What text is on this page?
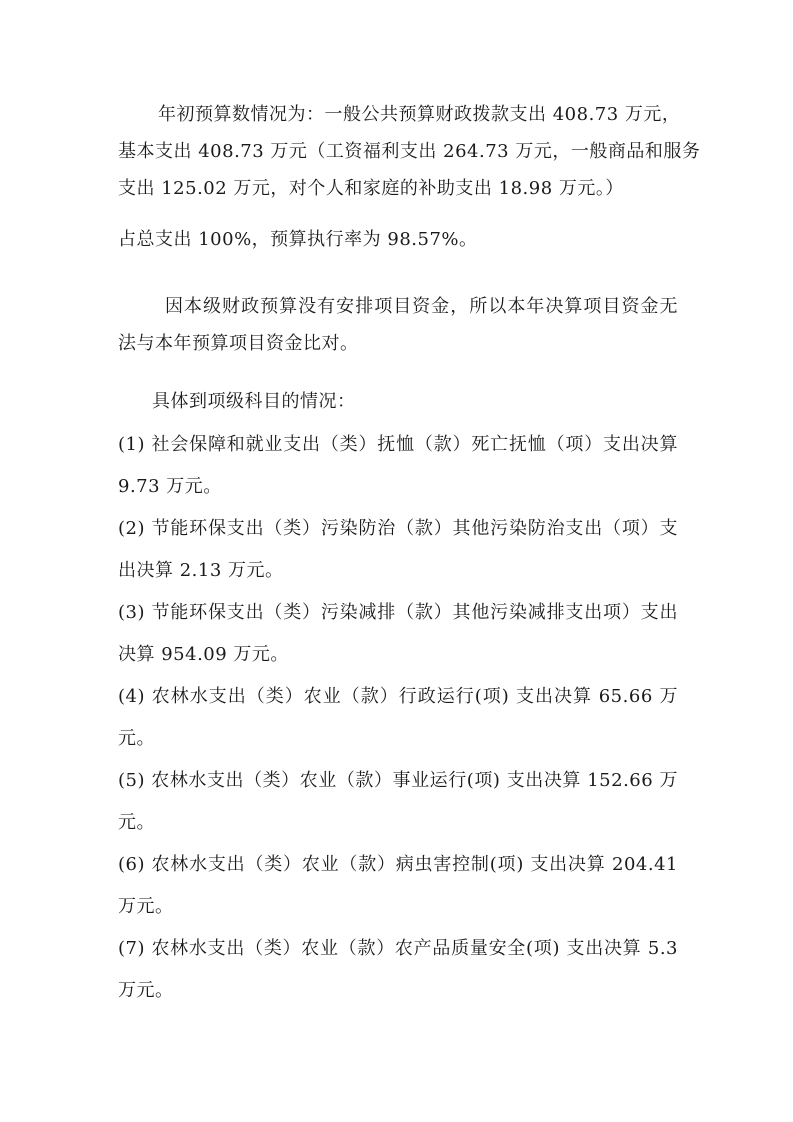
年初预算数情况为：一般公共预算财政拨款支出 408.73 万元，
基本支出 408.73 万元（工资福利支出 264.73 万元，一般商品和服务
支出 125.02 万元，对个人和家庭的补助支出 18.98 万元。）
占总支出 100%，预算执行率为 98.57%。
因本级财政预算没有安排项目资金，所以本年决算项目资金无
法与本年预算项目资金比对。
具体到项级科目的情况：
(1) 社会保障和就业支出（类）抚恤（款）死亡抚恤（项）支出决算
9.73 万元。
(2) 节能环保支出（类）污染防治（款）其他污染防治支出（项）支
出决算 2.13 万元。
(3) 节能环保支出（类）污染减排（款）其他污染减排支出项）支出
决算 954.09 万元。
(4) 农林水支出（类）农业（款）行政运行(项) 支出决算 65.66 万
元。
(5) 农林水支出（类）农业（款）事业运行(项) 支出决算 152.66 万
元。
(6) 农林水支出（类）农业（款）病虫害控制(项) 支出决算 204.41
万元。
(7) 农林水支出（类）农业（款）农产品质量安全(项) 支出决算 5.3
万元。
